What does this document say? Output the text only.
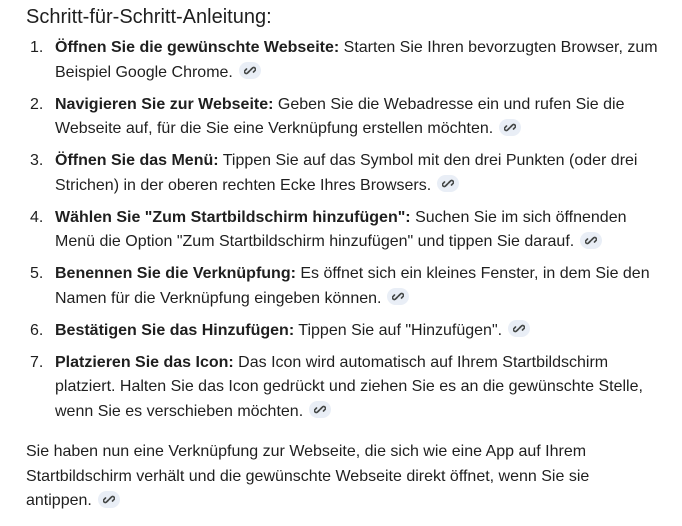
Schritt-für-Schritt-Anleitung:
1. Öffnen Sie die gewünschte Webseite: Starten Sie Ihren bevorzugten Browser, zum Beispiel Google Chrome.
2. Navigieren Sie zur Webseite: Geben Sie die Webadresse ein und rufen Sie die Webseite auf, für die Sie eine Verknüpfung erstellen möchten.
3. Öffnen Sie das Menü: Tippen Sie auf das Symbol mit den drei Punkten (oder drei Strichen) in der oberen rechten Ecke Ihres Browsers.
4. Wählen Sie "Zum Startbildschirm hinzufügen": Suchen Sie im sich öffnenden Menü die Option "Zum Startbildschirm hinzufügen" und tippen Sie darauf.
5. Benennen Sie die Verknüpfung: Es öffnet sich ein kleines Fenster, in dem Sie den Namen für die Verknüpfung eingeben können.
6. Bestätigen Sie das Hinzufügen: Tippen Sie auf "Hinzufügen".
7. Platzieren Sie das Icon: Das Icon wird automatisch auf Ihrem Startbildschirm platziert. Halten Sie das Icon gedrückt und ziehen Sie es an die gewünschte Stelle, wenn Sie es verschieben möchten.

Sie haben nun eine Verknüpfung zur Webseite, die sich wie eine App auf Ihrem Startbildschirm verhält und die gewünschte Webseite direkt öffnet, wenn Sie sie antippen.
